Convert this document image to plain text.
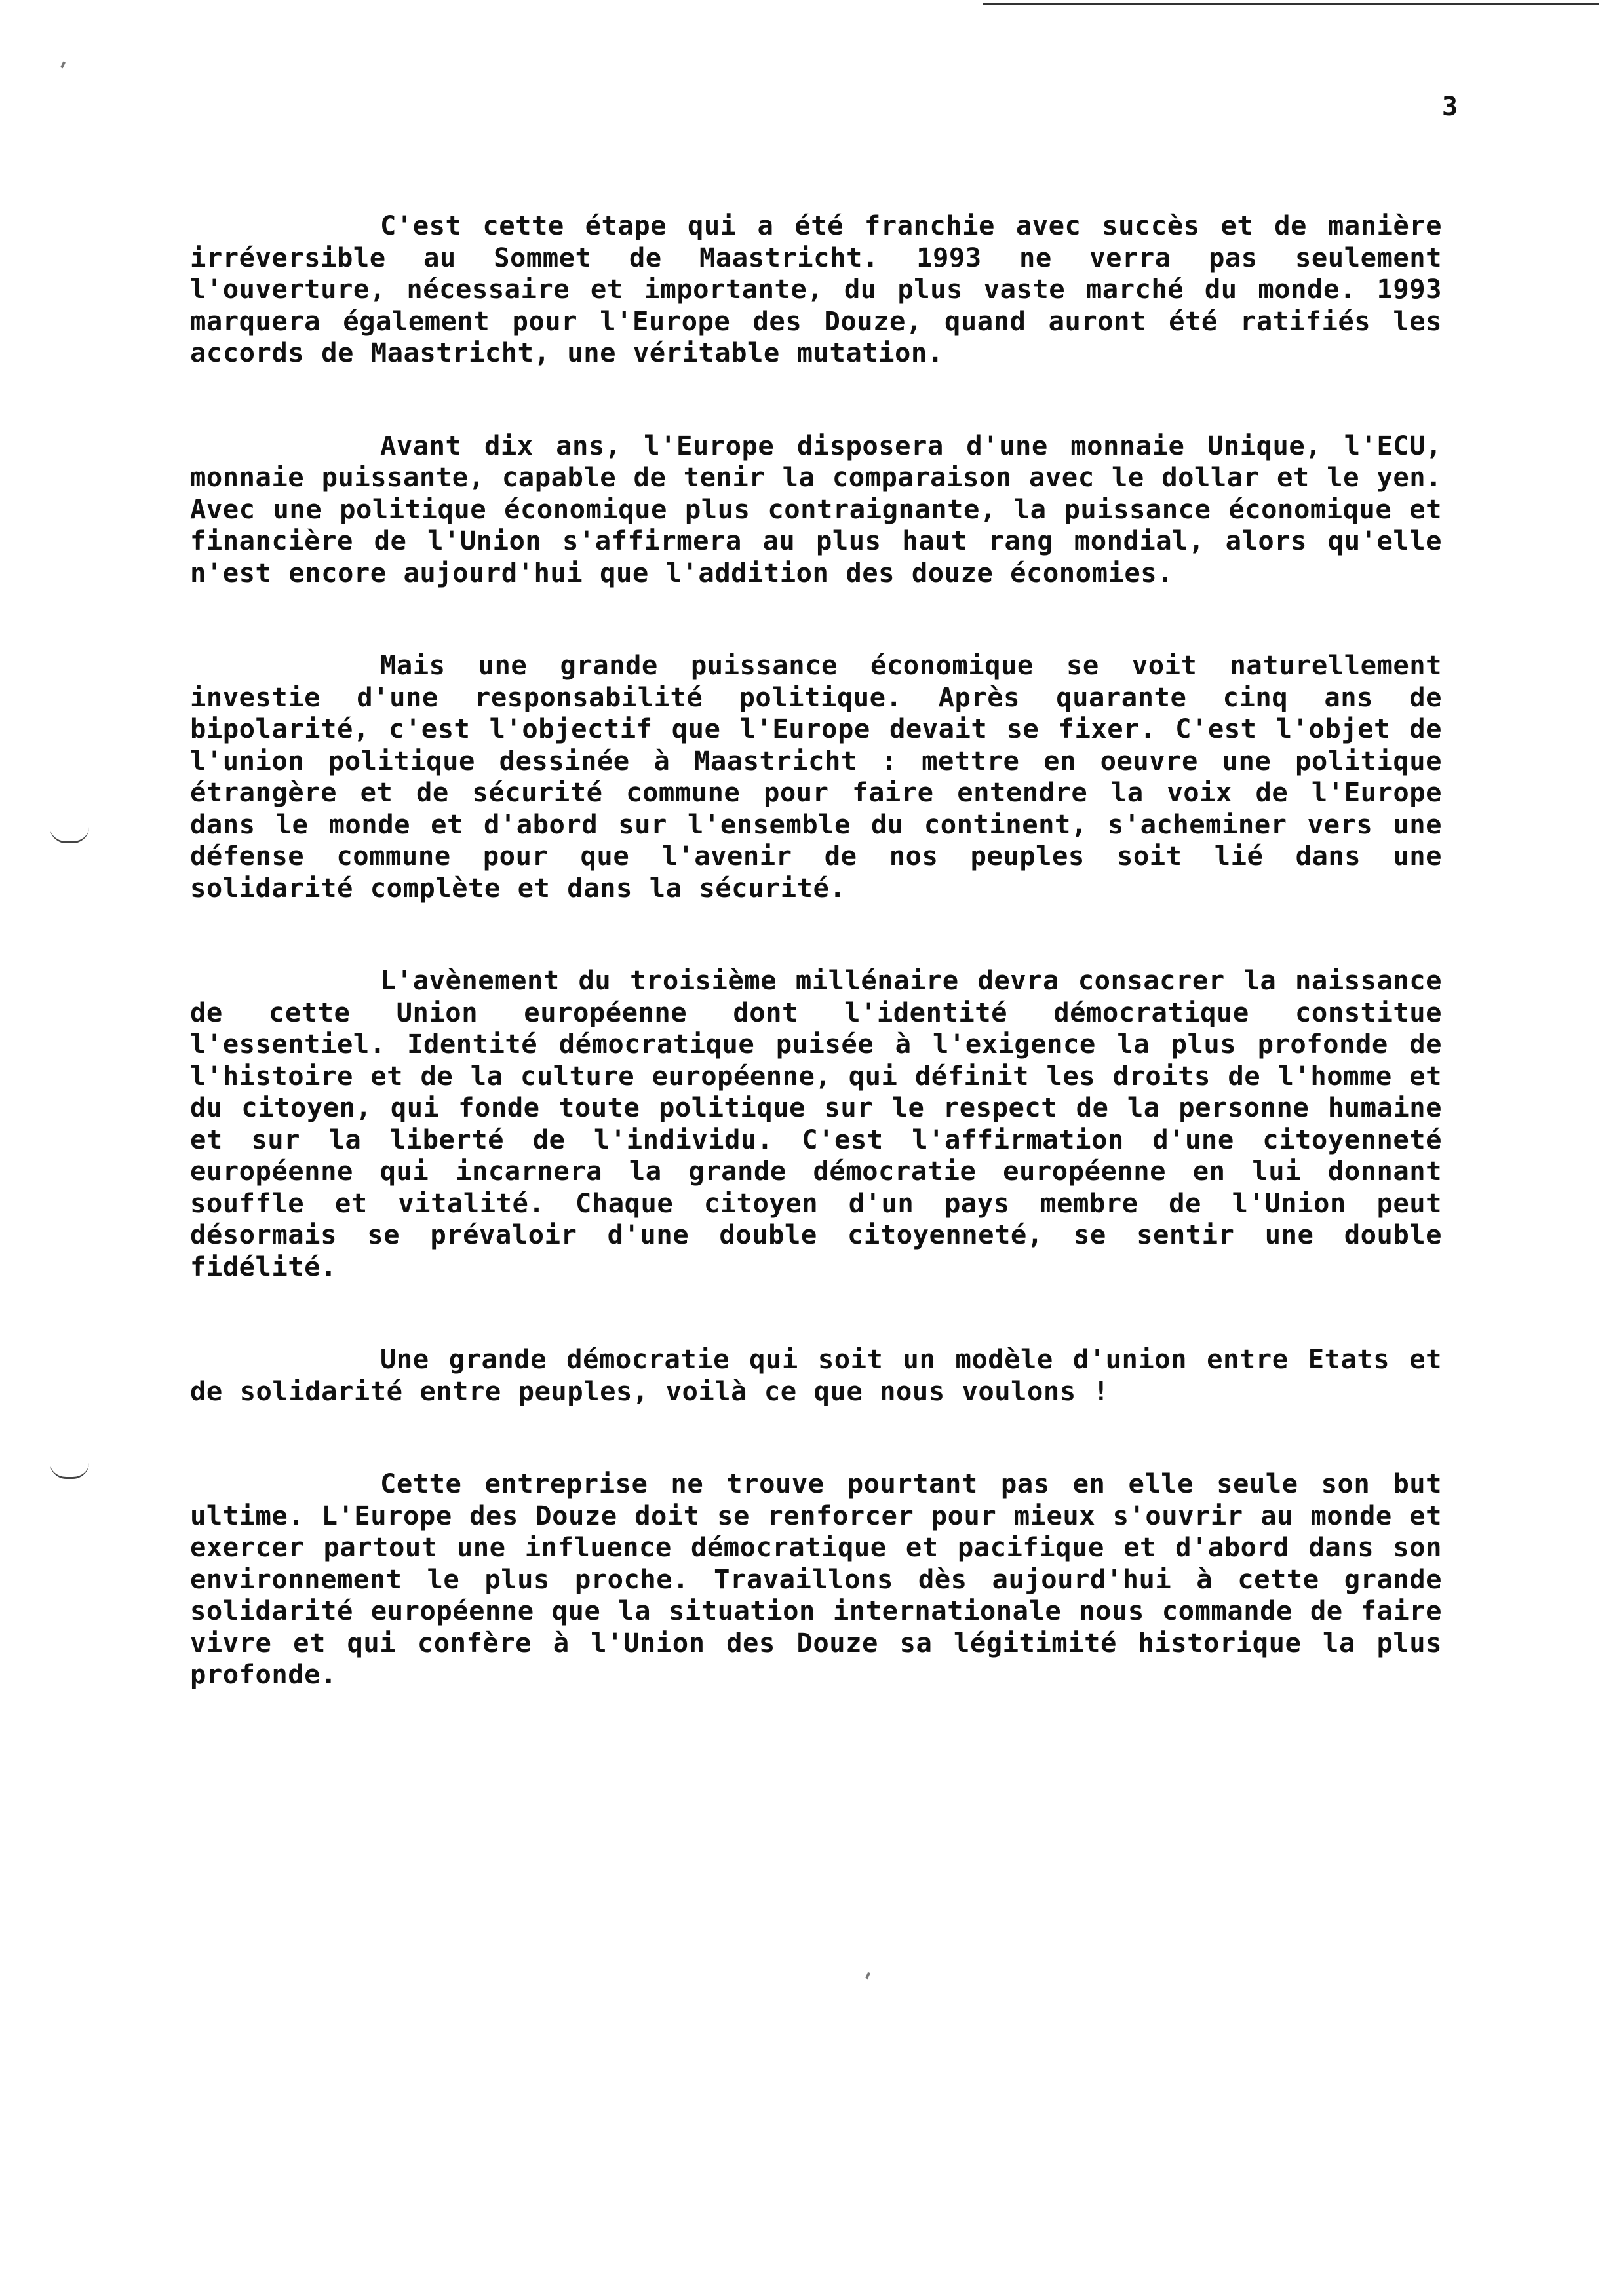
3

C'est cette étape qui a été franchie avec succès et de manière irréversible au Sommet de Maastricht. 1993 ne verra pas seulement l'ouverture, nécessaire et importante, du plus vaste marché du monde. 1993 marquera également pour l'Europe des Douze, quand auront été ratifiés les accords de Maastricht, une véritable mutation.

Avant dix ans, l'Europe disposera d'une monnaie Unique, l'ECU, monnaie puissante, capable de tenir la comparaison avec le dollar et le yen. Avec une politique économique plus contraignante, la puissance économique et financière de l'Union s'affirmera au plus haut rang mondial, alors qu'elle n'est encore aujourd'hui que l'addition des douze économies.

Mais une grande puissance économique se voit naturellement investie d'une responsabilité politique. Après quarante cinq ans de bipolarité, c'est l'objectif que l'Europe devait se fixer. C'est l'objet de l'union politique dessinée à Maastricht : mettre en oeuvre une politique étrangère et de sécurité commune pour faire entendre la voix de l'Europe dans le monde et d'abord sur l'ensemble du continent, s'acheminer vers une défense commune pour que l'avenir de nos peuples soit lié dans une solidarité complète et dans la sécurité.

L'avènement du troisième millénaire devra consacrer la naissance de cette Union européenne dont l'identité démocratique constitue l'essentiel. Identité démocratique puisée à l'exigence la plus profonde de l'histoire et de la culture européenne, qui définit les droits de l'homme et du citoyen, qui fonde toute politique sur le respect de la personne humaine et sur la liberté de l'individu. C'est l'affirmation d'une citoyenneté européenne qui incarnera la grande démocratie européenne en lui donnant souffle et vitalité. Chaque citoyen d'un pays membre de l'Union peut désormais se prévaloir d'une double citoyenneté, se sentir une double fidélité.

Une grande démocratie qui soit un modèle d'union entre Etats et de solidarité entre peuples, voilà ce que nous voulons !

Cette entreprise ne trouve pourtant pas en elle seule son but ultime. L'Europe des Douze doit se renforcer pour mieux s'ouvrir au monde et exercer partout une influence démocratique et pacifique et d'abord dans son environnement le plus proche. Travaillons dès aujourd'hui à cette grande solidarité européenne que la situation internationale nous commande de faire vivre et qui confère à l'Union des Douze sa légitimité historique la plus profonde.
